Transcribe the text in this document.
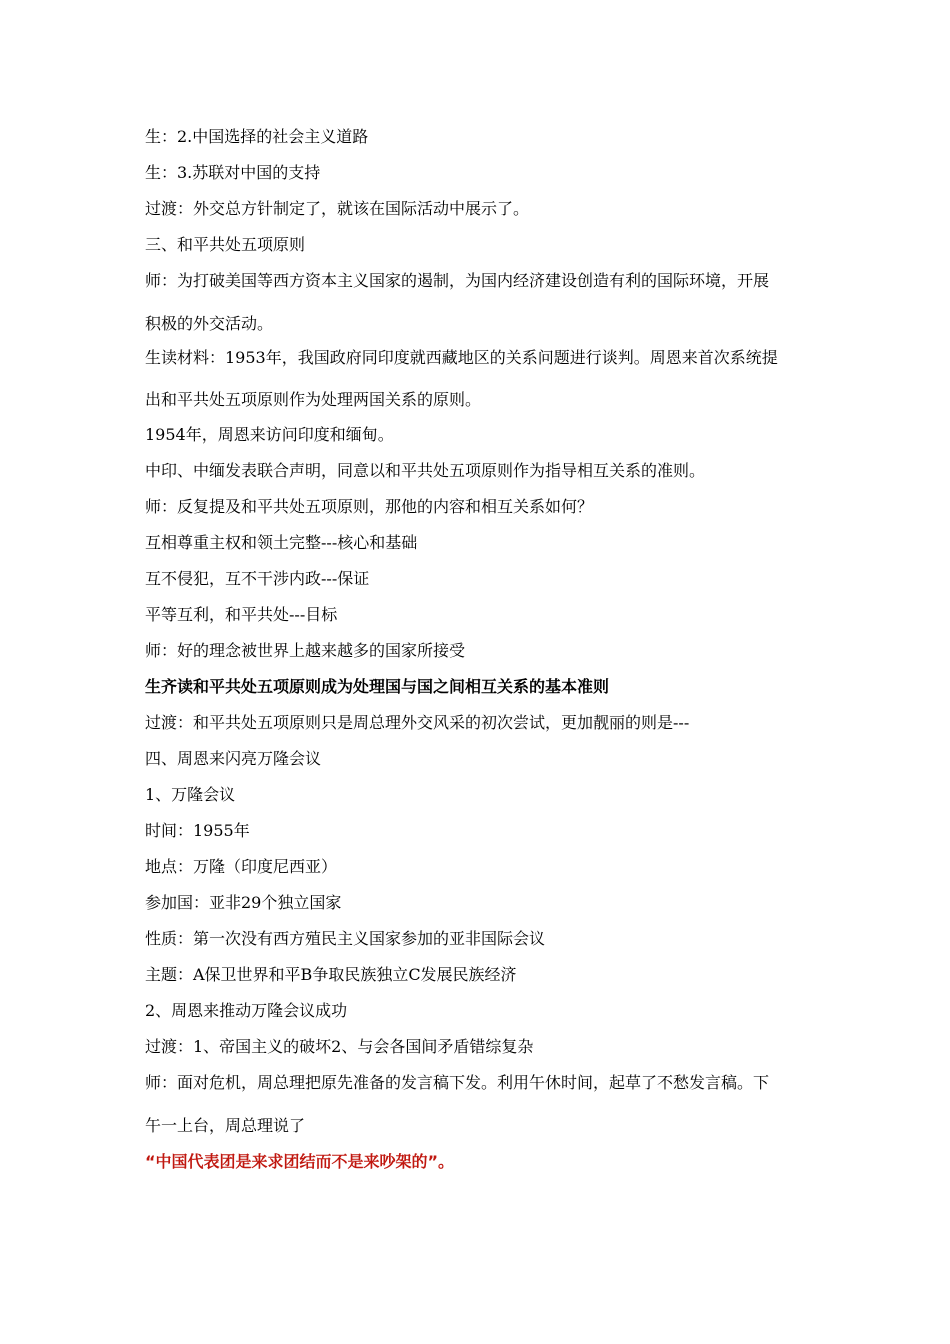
生：2.中国选择的社会主义道路
生：3.苏联对中国的支持
过渡：外交总方针制定了，就该在国际活动中展示了。
三、和平共处五项原则
师：为打破美国等西方资本主义国家的遏制，为国内经济建设创造有利的国际环境，开展
积极的外交活动。
生读材料：1953年，我国政府同印度就西藏地区的关系问题进行谈判。周恩来首次系统提
出和平共处五项原则作为处理两国关系的原则。
1954年，周恩来访问印度和缅甸。
中印、中缅发表联合声明，同意以和平共处五项原则作为指导相互关系的准则。
师：反复提及和平共处五项原则，那他的内容和相互关系如何？
互相尊重主权和领土完整---核心和基础
互不侵犯，互不干涉内政---保证
平等互利，和平共处---目标
师：好的理念被世界上越来越多的国家所接受
生齐读和平共处五项原则成为处理国与国之间相互关系的基本准则
过渡：和平共处五项原则只是周总理外交风采的初次尝试，更加靓丽的则是---
四、周恩来闪亮万隆会议
1、万隆会议
时间：1955年
地点：万隆（印度尼西亚）
参加国：亚非29个独立国家
性质：第一次没有西方殖民主义国家参加的亚非国际会议
主题：A保卫世界和平B争取民族独立C发展民族经济
2、周恩来推动万隆会议成功
过渡：1、帝国主义的破坏2、与会各国间矛盾错综复杂
师：面对危机，周总理把原先准备的发言稿下发。利用午休时间，起草了不愁发言稿。下
午一上台，周总理说了
“中国代表团是来求团结而不是来吵架的”。
